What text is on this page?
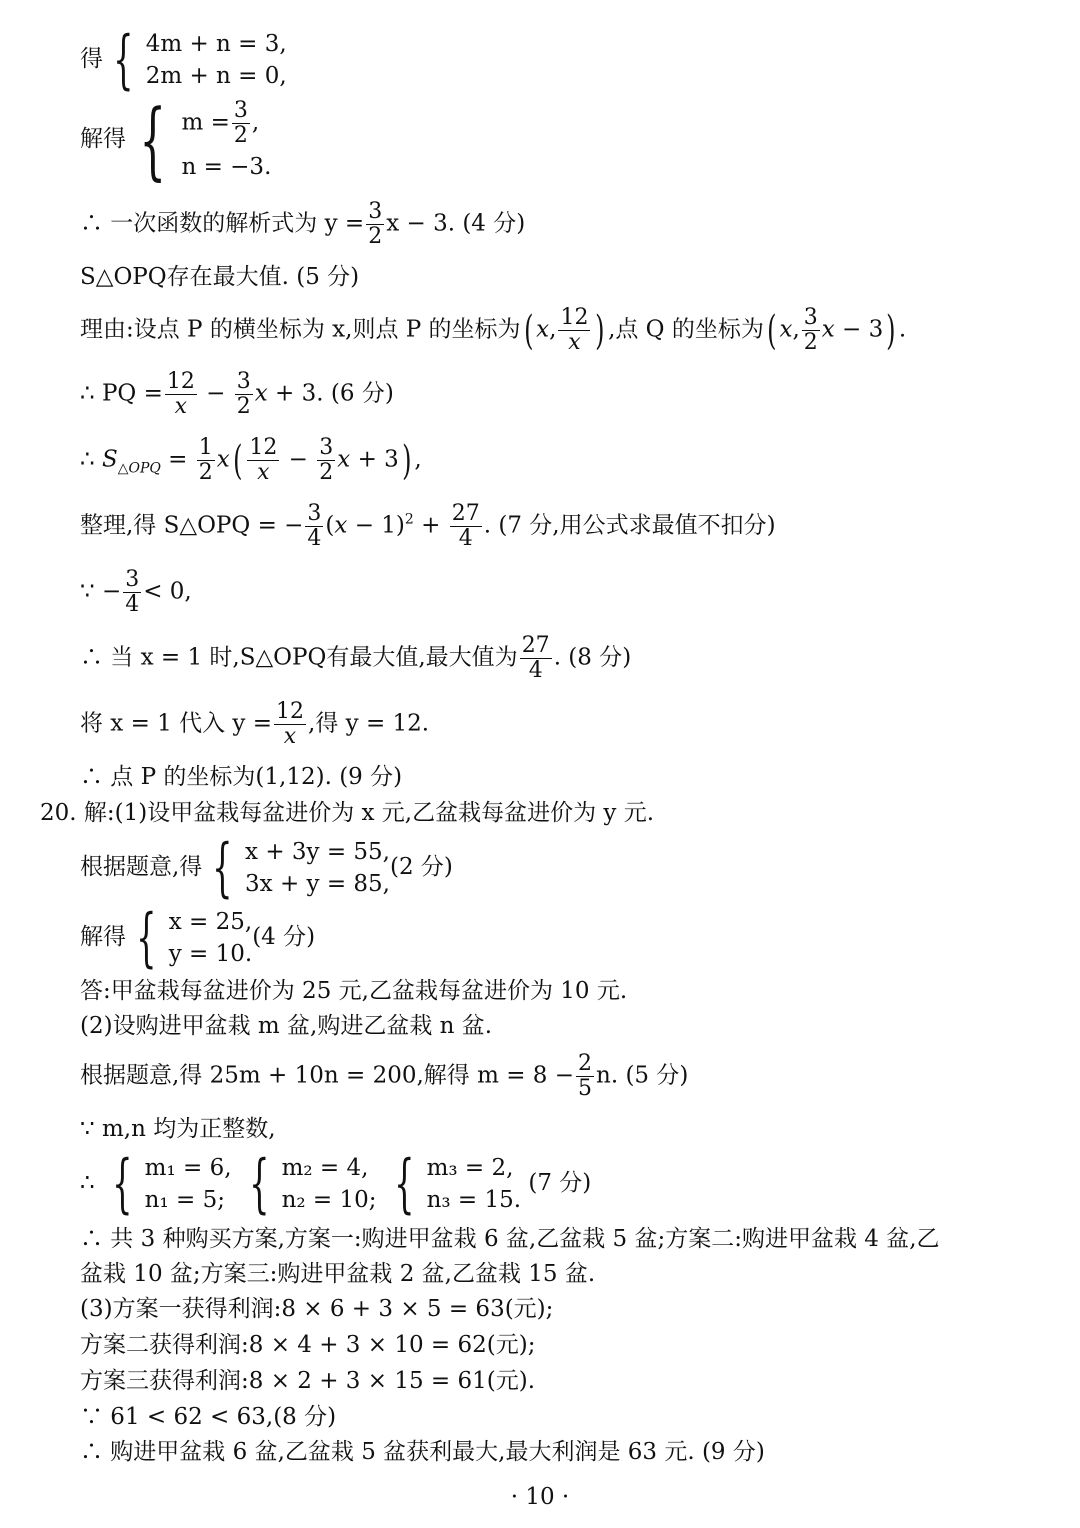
得 { 4m + n = 3,
2m + n = 0,
解得 { $m = \frac{3}{2}$ ,
n = −3.
∴ 一次函数的解析式为 $y = \frac{3}{2}$ x − 3. (4 分)
S△OPQ存在最大值. (5 分)
理由:设点 P 的横坐标为 x,则点 P 的坐标为( x, $\frac{12}{x}$ ) ,点 Q 的坐标为( x, $\frac{3}{2}$ x − 3) .
∴ PQ = $\frac{12}{x} - \frac{3}{2}$ x + 3. (6 分)
∴ $S_{\triangle OPQ} = \frac{1}{2} x( \frac{12}{x} - \frac{3}{2}$ x + 3) ,
整理,得 S△OPQ = − $\frac{3}{4} (x - 1)^2 + \frac{27}{4}$ . (7 分,用公式求最值不扣分)
∵ − $\frac{3}{4} < 0$,
∴ 当 x = 1 时,S△OPQ有最大值,最大值为 $\frac{27}{4}$ . (8 分)
将 x = 1 代入 $y = \frac{12}{x}$ ,得 y = 12.
∴ 点 P 的坐标为(1,12). (9 分)
20. 解:(1)设甲盆栽每盆进价为 x 元,乙盆栽每盆进价为 y 元.
根据题意,得 { x + 3y = 55,
3x + y = 85,
(2 分)
解得 { x = 25,
y = 10.
(4 分)
答:甲盆栽每盆进价为 25 元,乙盆栽每盆进价为 10 元.
(2)设购进甲盆栽 m 盆,购进乙盆栽 n 盆.
根据题意,得 25m + 10n = 200,解得 $m = 8 - \frac{2}{5} n$. (5 分)
∵ m,n 均为正整数,
∴ { m₁ = 6,
n₁ = 5;
{ m₂ = 4,
n₂ = 10;
{ m₃ = 2,
n₃ = 15.
(7 分)
∴ 共 3 种购买方案,方案一:购进甲盆栽 6 盆,乙盆栽 5 盆;方案二:购进甲盆栽 4 盆,乙
盆栽 10 盆;方案三:购进甲盆栽 2 盆,乙盆栽 15 盆.
(3)方案一获得利润:8 × 6 + 3 × 5 = 63(元);
方案二获得利润:8 × 4 + 3 × 10 = 62(元);
方案三获得利润:8 × 2 + 3 × 15 = 61(元).
∵ 61 < 62 < 63,(8 分)
∴ 购进甲盆栽 6 盆,乙盆栽 5 盆获利最大,最大利润是 63 元. (9 分)
· 10 ·
